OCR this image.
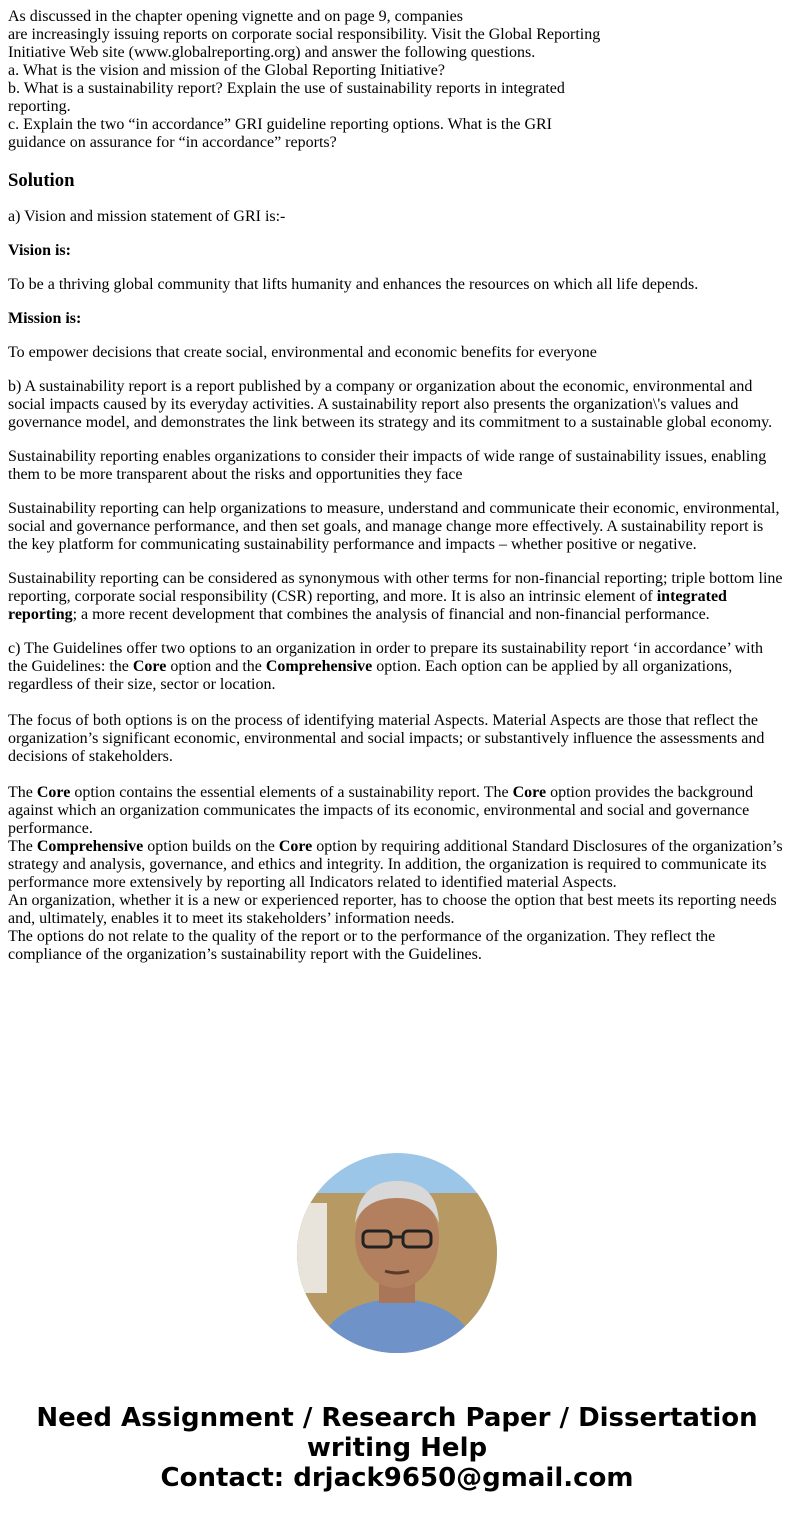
As discussed in the chapter opening vignette and on page 9, companies
are increasingly issuing reports on corporate social responsibility. Visit the Global Reporting
Initiative Web site (www.globalreporting.org) and answer the following questions.
a. What is the vision and mission of the Global Reporting Initiative?
b. What is a sustainability report? Explain the use of sustainability reports in integrated
reporting.
c. Explain the two “in accordance” GRI guideline reporting options. What is the GRI
guidance on assurance for “in accordance” reports?
Solution

a) Vision and mission statement of GRI is:-

Vision is:

To be a thriving global community that lifts humanity and enhances the resources on which all life depends.

Mission is:

To empower decisions that create social, environmental and economic benefits for everyone

b) A sustainability report is a report published by a company or organization about the economic, environmental and social impacts caused by its everyday activities. A sustainability report also presents the organization\'s values and governance model, and demonstrates the link between its strategy and its commitment to a sustainable global economy.

Sustainability reporting enables organizations to consider their impacts of wide range of sustainability issues, enabling them to be more transparent about the risks and opportunities they face

Sustainability reporting can help organizations to measure, understand and communicate their economic, environmental, social and governance performance, and then set goals, and manage change more effectively. A sustainability report is the key platform for communicating sustainability performance and impacts – whether positive or negative.

Sustainability reporting can be considered as synonymous with other terms for non-financial reporting; triple bottom line reporting, corporate social responsibility (CSR) reporting, and more. It is also an intrinsic element of integrated reporting; a more recent development that combines the analysis of financial and non-financial performance.

c) The Guidelines offer two options to an organization in order to prepare its sustainability report ‘in accordance’ with the Guidelines: the Core option and the Comprehensive option. Each option can be applied by all organizations, regardless of their size, sector or location.

The focus of both options is on the process of identifying material Aspects. Material Aspects are those that reflect the organization’s significant economic, environmental and social impacts; or substantively influence the assessments and decisions of stakeholders.

The Core option contains the essential elements of a sustainability report. The Core option provides the background against which an organization communicates the impacts of its economic, environmental and social and governance performance.
The Comprehensive option builds on the Core option by requiring additional Standard Disclosures of the organization’s strategy and analysis, governance, and ethics and integrity. In addition, the organization is required to communicate its performance more extensively by reporting all Indicators related to identified material Aspects.
An organization, whether it is a new or experienced reporter, has to choose the option that best meets its reporting needs and, ultimately, enables it to meet its stakeholders’ information needs.
The options do not relate to the quality of the report or to the performance of the organization. They reflect the compliance of the organization’s sustainability report with the Guidelines.

Need Assignment / Research Paper / Dissertation writing Help
Contact: drjack9650@gmail.com
